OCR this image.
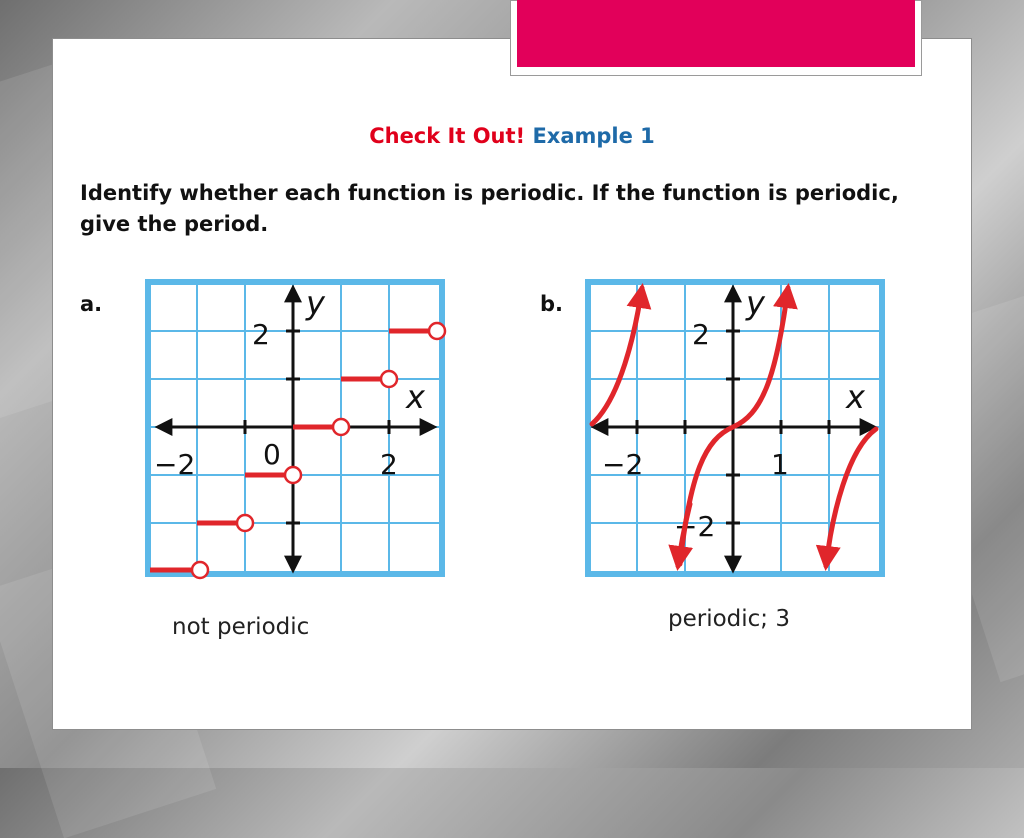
Check It Out! Example 1
Identify whether each function is periodic. If the function is periodic, give the period.
a.	b.
y
x
−2 0	2
2
y
x
−2	1
2
−2
not periodic	periodic; 3
